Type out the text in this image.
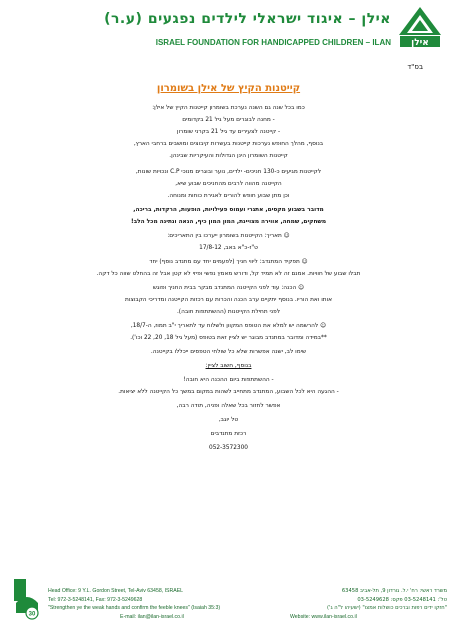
אילן
אילן – איגוד ישראלי לילדים נפגעים (ע.ר)
ISRAEL FOUNDATION FOR HANDICAPPED CHILDREN – ILAN
בס"ד
קייטנות הקיץ של אילן בשומרון
כמו בכל שנה גם השנה נערכת בשומרון קייטנות הקיץ של אילן:
- מחנה לבוגרים מעל גיל 21 בקדומים
- קייטנה לצעירים עד גיל 21 בקרני שומרון
בנוסף, מהלך החופש נערכות קייטנות בעשרות קיבוצים ומושבים ברחבי הארץ,
קייטנות השומרון הינן הגדולות והעיקריות שבינהן.
לקייטנות מגיעים כ-130 חניכים- ילדים, נוער ובוגרים מנוכי C.P ונכויות שונות,
הקייטנה מהווה לרבים מהחניכים שבוע שיא,
וכן מתן שבוע חופש להורים לאגירת כוחות ומנוחה.
מדובר בשבוע מקסים, אתגרי ועמוס פעילויות, הופעות, הרקדות, בריכה,
משחקים, שמחה, אווירה מצויינת, המון המון כיף, הנאה ונתינה מכל הלב!
☺ תאריך: הקייטנות בשומרון ייערכו בין התאריכים:
ט"ז-כ"א באב, 17/8-12
☺ תפקיד המתנדב: ליווי חניך (לפעמים יחד עם מתנדב נוסף) יחד
תבלו שבוע של חוויות. אמנם זה לא תמיד קל, ודורש מאמץ נפשי ופיזי לא קטן אבל זה בהחלט שווה כל דקה.
☺ הכנה: עוד לפני הקייטנה המתנדב מבקר בבית החניך ופוגש
אותו ואת הוריו. בנוסף יתקיים ערב הכנה והכרות עם רכזות הקייטנה ומדריכי הקבוצות
לפני תחילת הקייטנות (ההשתתפות חובה).
☺ להרשמה יש למלא את הטופס המקוון ולשלוח עד לתאריך י"ב תמוז, ה-18/7,
**במידה ומדובר במתנדב מבוגר יש לציין זאת בטופס (מעל גיל 18, 20, 22 וכו').
שימו לב, ישנה אפשרות שלא כל שולחי הטפסים ייכללו בקייטנה.
בנוסף, חשוב לציין:
- ההשתתפות ביום ההכנה היא חובה!
- ההגעה היא לכל השבוע, המתנדב מתחייב לשהות במקום במשך כל הקייטנה ללא יציאות.
אפשר לחזור בכל שאלה ופניה, תודה רבה,
טל יוגב,
רכזת מתנדבים
052-3572300
30
Head Office: 9 Y.L. Gordon Street, Tel-Aviv 63458, ISRAEL	משרד ראשי: רח' י.ל. גורדון 9, תל-אביב 63458
Tel: 972-3-5248141, Fax: 972-3-5249628	טל': 03-5248141 פקס: 03-5249628
"Strengthen ye the weak hands and confirm the feeble knees" (Isaiah 35:3)	"חזקו ידים רפות וברכים כושלות אמצו" (ישעיהו ל"ה ג')
E-mail: ilan@ilan-israel.co.il	Website: www.ilan-israel.co.il
